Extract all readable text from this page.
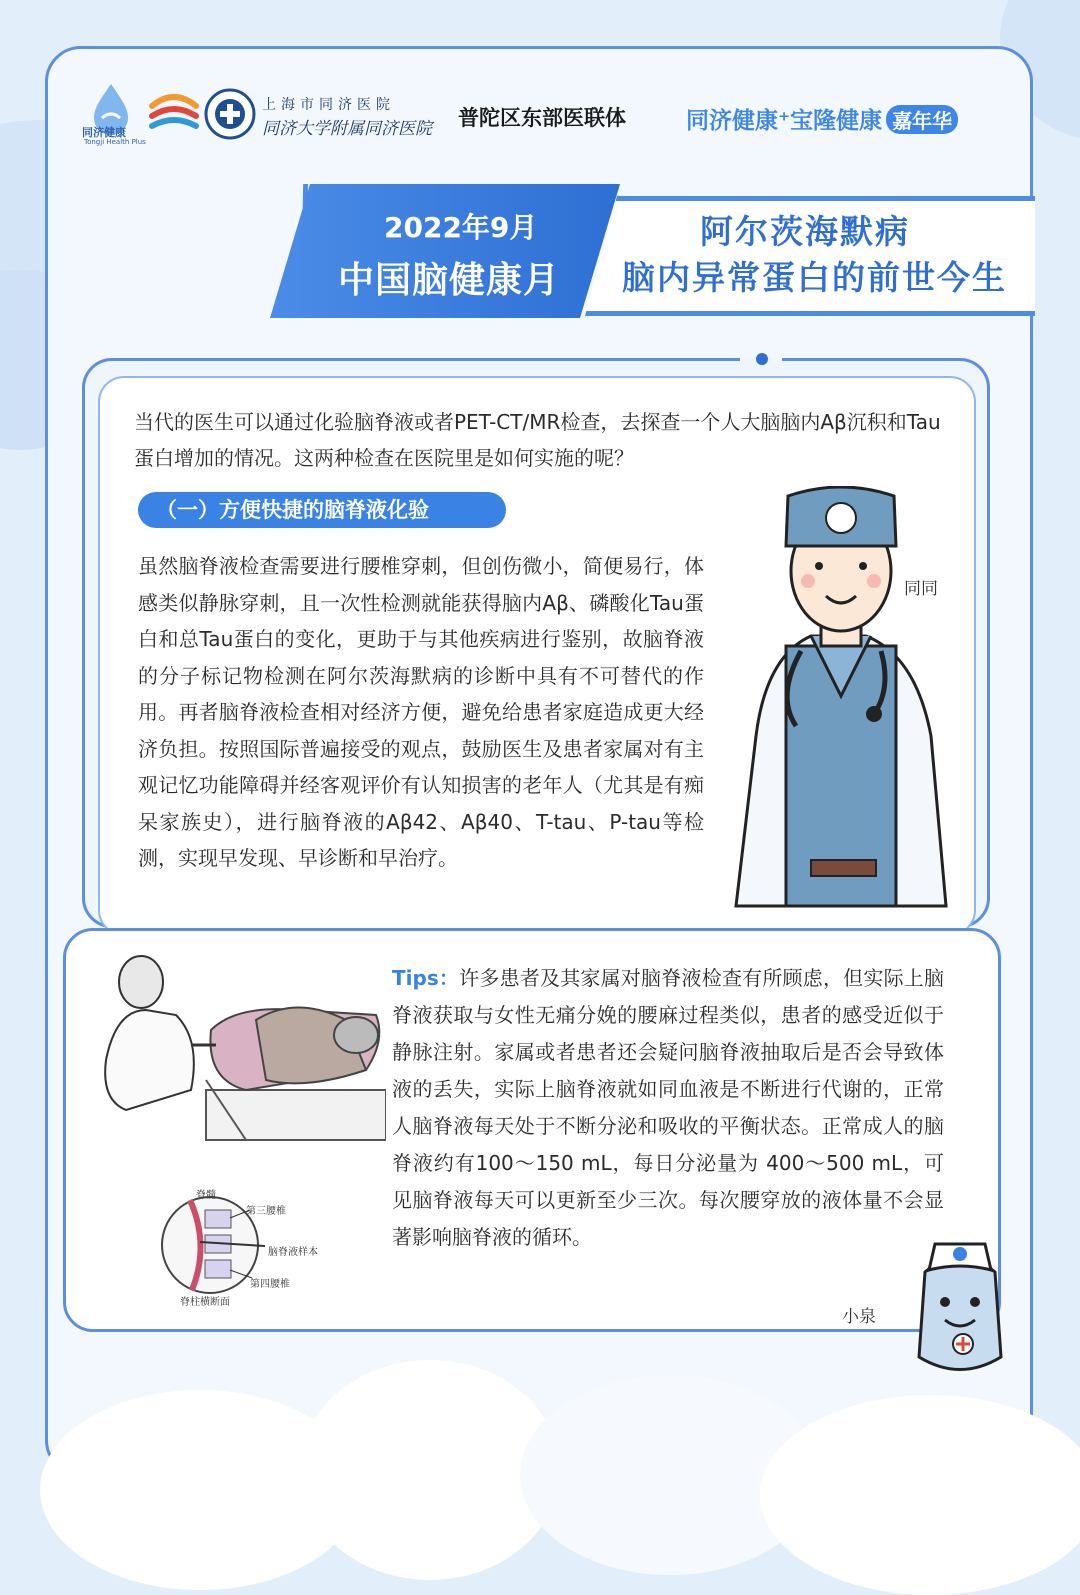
同济健康
Tongji Health Plus
上海市同济医院
同济大学附属同济医院 普陀区东部医联体	同济健康⁺宝隆健康 嘉年华
2022年9月
中国脑健康月
阿尔茨海默病
脑内异常蛋白的前世今生
当代的医生可以通过化验脑脊液或者PET-CT/MR检查，去探查一个人大脑脑内Aβ沉积和Tau蛋白增加的情况。这两种检查在医院里是如何实施的呢？
（一）方便快捷的脑脊液化验
虽然脑脊液检查需要进行腰椎穿刺，但创伤微小，简便易行，体感类似静脉穿刺，且一次性检测就能获得脑内Aβ、磷酸化Tau蛋白和总Tau蛋白的变化，更助于与其他疾病进行鉴别，故脑脊液的分子标记物检测在阿尔茨海默病的诊断中具有不可替代的作用。再者脑脊液检查相对经济方便，避免给患者家庭造成更大经济负担。按照国际普遍接受的观点，鼓励医生及患者家属对有主观记忆功能障碍并经客观评价有认知损害的老年人（尤其是有痴呆家族史），进行脑脊液的Aβ42、Aβ40、T-tau、P-tau等检测，实现早发现、早诊断和早治疗。
同同
脊髓
第三腰椎
脑脊液样本
第四腰椎
脊柱横断面
Tips：许多患者及其家属对脑脊液检查有所顾虑，但实际上脑脊液获取与女性无痛分娩的腰麻过程类似，患者的感受近似于静脉注射。家属或者患者还会疑问脑脊液抽取后是否会导致体液的丢失，实际上脑脊液就如同血液是不断进行代谢的，正常人脑脊液每天处于不断分泌和吸收的平衡状态。正常成人的脑脊液约有100～150 mL，每日分泌量为 400～500 mL，可见脑脊液每天可以更新至少三次。每次腰穿放的液体量不会显著影响脑脊液的循环。
小泉
